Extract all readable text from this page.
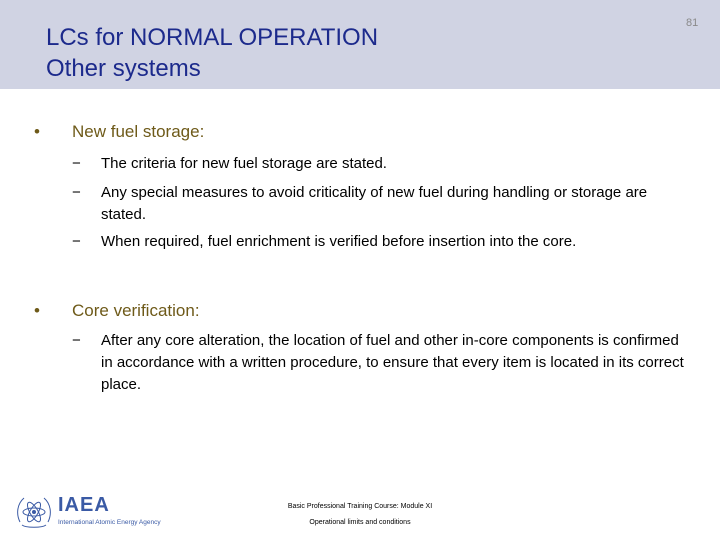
LCs for NORMAL OPERATION
Other systems
81
• New fuel storage:
− The criteria for new fuel storage are stated.
− Any special measures to avoid criticality of new fuel during handling or storage are stated.
− When required, fuel enrichment is verified before insertion into the core.
• Core verification:
− After any core alteration, the location of fuel and other in-core components is confirmed in accordance with a written procedure, to ensure that every item is located in its correct place.
IAEA
International Atomic Energy Agency
Basic Professional Training Course: Module XI
Operational limits and conditions
